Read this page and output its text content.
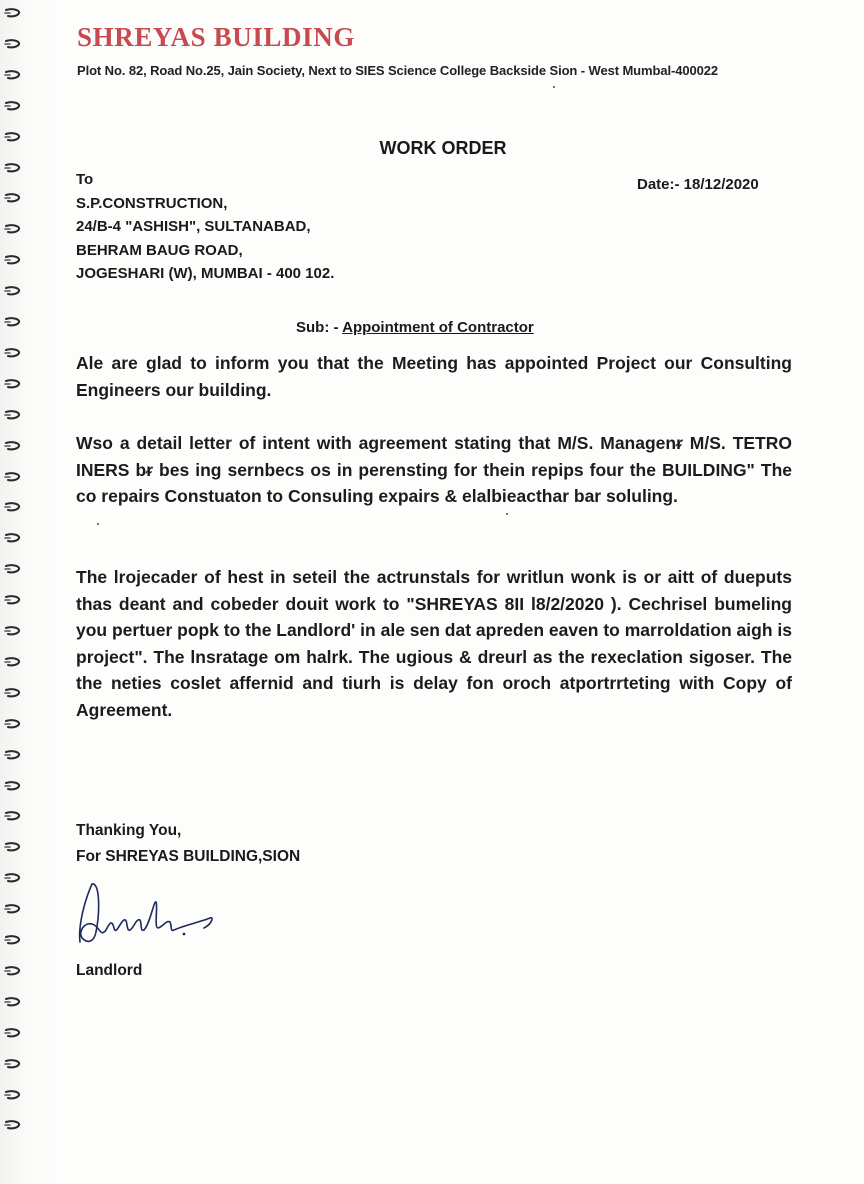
SHREYAS BUILDING
Plot No. 82, Road No.25, Jain Society, Next to SIES Science College Backside Sion - West Mumbal-400022
WORK ORDER
To
S.P.CONSTRUCTION,
24/B-4 "ASHISH", SULTANABAD,
BEHRAM BAUG ROAD,
JOGESHARI (W), MUMBAI - 400 102.
Date:- 18/12/2020
Sub: - Appointment of Contractor
Ale are glad to inform you that the Meeting has appointed Project our Consulting Engineers our building.
Wso a detail letter of intent with agreement stating that M/S. Managenᵲ M/S. TETRO INERS bᵲ bes ing sernbecs os in perensting for thein repips four the BUILDING" The co repairs Constuaton to Consuling expairs & elalbieacthar bar soluling.
The lrojecader of hest in seteil the actrunstals for writlun wonk is or aitt of dueputs thas deant and cobeder douit work to "SHREYAS 8II l8/2/2020 ). Cechrisel bumeling you pertuer popk to the Landlord' in ale sen dat apreden eaven to marroldation aigh is project". The lnsratage om halrk. The ugious & dreurl as the rexeclation sigoser. The the neties coslet affernid and tiurh is delay fon oroch atportrrteting with Copy of Agreement.
Thanking You,
For SHREYAS BUILDING,SION
Landlord
